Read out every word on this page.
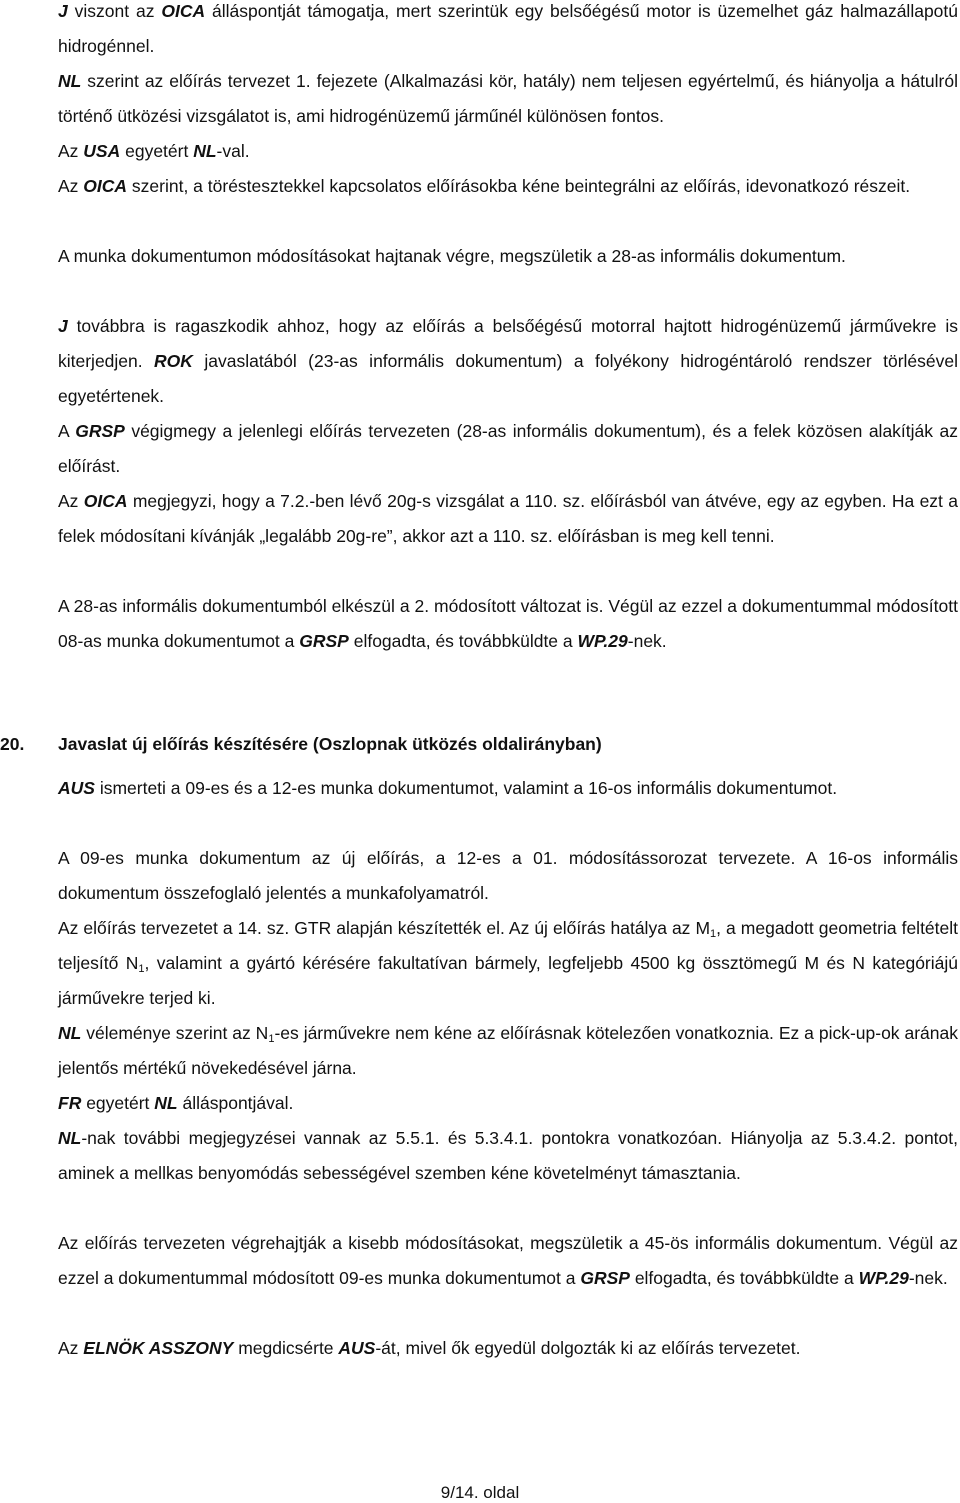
J viszont az OICA álláspontját támogatja, mert szerintük egy belsőégésű motor is üzemelhet gáz halmazállapotú hidrogénnel.

NL szerint az előírás tervezet 1. fejezete (Alkalmazási kör, hatály) nem teljesen egyértelmű, és hiányolja a hátulról történő ütközési vizsgálatot is, ami hidrogénüzemű járműnél különösen fontos.

Az USA egyetért NL-val.

Az OICA szerint, a töréstesztekkel kapcsolatos előírásokba kéne beintegrálni az előírás, idevonatkozó részeit.

A munka dokumentumon módosításokat hajtanak végre, megszületik a 28-as informális dokumentum.

J továbbra is ragaszkodik ahhoz, hogy az előírás a belsőégésű motorral hajtott hidrogénüzemű járművekre is kiterjedjen. ROK javaslatából (23-as informális dokumentum) a folyékony hidrogéntároló rendszer törlésével egyetértenek.

A GRSP végigmegy a jelenlegi előírás tervezeten (28-as informális dokumentum), és a felek közösen alakítják az előírást.

Az OICA megjegyzi, hogy a 7.2.-ben lévő 20g-s vizsgálat a 110. sz. előírásból van átvéve, egy az egyben. Ha ezt a felek módosítani kívánják „legalább 20g-re”, akkor azt a 110. sz. előírásban is meg kell tenni.

A 28-as informális dokumentumból elkészül a 2. módosított változat is. Végül az ezzel a dokumentummal módosított 08-as munka dokumentumot a GRSP elfogadta, és továbbküldte a WP.29-nek.

20.	Javaslat új előírás készítésére (Oszlopnak ütközés oldalirányban)

AUS ismerteti a 09-es és a 12-es munka dokumentumot, valamint a 16-os informális dokumentumot.

A 09-es munka dokumentum az új előírás, a 12-es a 01. módosítássorozat tervezete. A 16-os informális dokumentum összefoglaló jelentés a munkafolyamatról.

Az előírás tervezetet a 14. sz. GTR alapján készítették el. Az új előírás hatálya az $M_1$, a megadott geometria feltételt teljesítő $N_1$, valamint a gyártó kérésére fakultatívan bármely, legfeljebb 4500 kg össztömegű M és N kategóriájú járművekre terjed ki.

NL véleménye szerint az $N_1-es$ járművekre nem kéne az előírásnak kötelezően vonatkoznia. Ez a pick-up-ok arának jelentős mértékű növekedésével járna.

FR egyetért NL álláspontjával.

NL-nak további megjegyzései vannak az 5.5.1. és 5.3.4.1. pontokra vonatkozóan. Hiányolja az 5.3.4.2. pontot, aminek a mellkas benyomódás sebességével szemben kéne követelményt támasztania.

Az előírás tervezeten végrehajtják a kisebb módosításokat, megszületik a 45-ös informális dokumentum. Végül az ezzel a dokumentummal módosított 09-es munka dokumentumot a GRSP elfogadta, és továbbküldte a WP.29-nek.

Az ELNÖK ASSZONY megdicsérte AUS-át, mivel ők egyedül dolgozták ki az előírás tervezetet.

9/14. oldal
